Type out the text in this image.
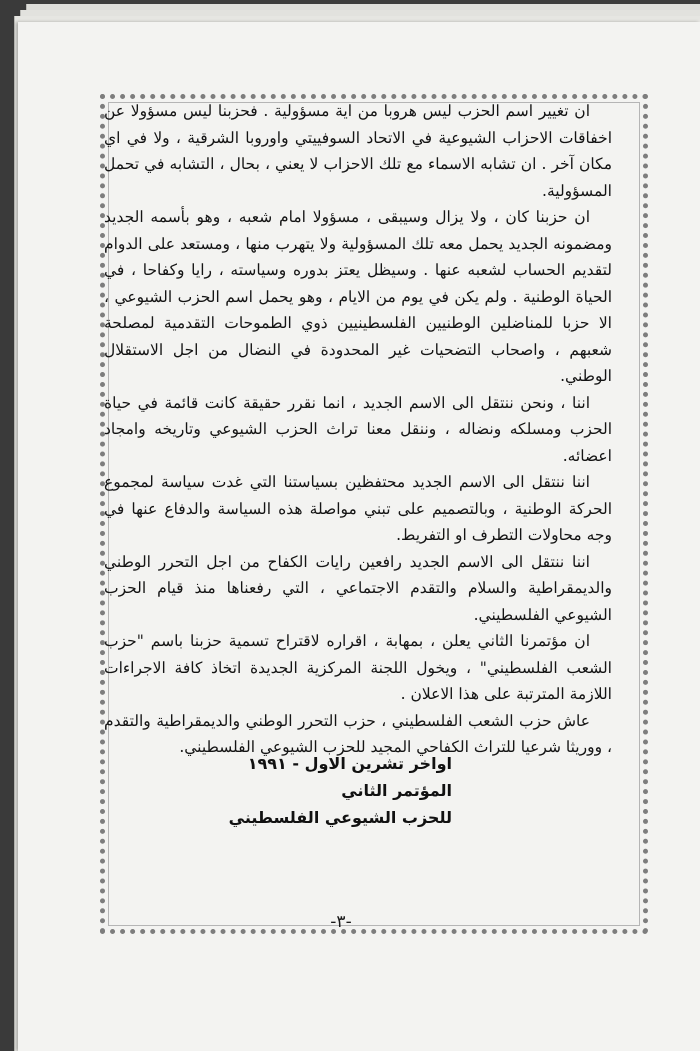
ان تغيير اسم الحزب ليس هروبا من اية مسؤولية . فحزبنا ليس مسؤولا عن اخفاقات الاحزاب الشيوعية في الاتحاد السوفييتي واوروبا الشرقية ، ولا في اي مكان آخر . ان تشابه الاسماء مع تلك الاحزاب لا يعني ، بحال ، التشابه في تحمل المسؤولية.

ان حزبنا كان ، ولا يزال وسيبقى ، مسؤولا امام شعبه ، وهو بأسمه الجديد ومضمونه الجديد يحمل معه تلك المسؤولية ولا يتهرب منها ، ومستعد على الدوام لتقديم الحساب لشعبه عنها . وسيظل يعتز بدوره وسياسته ، رايا وكفاحا ، في الحياة الوطنية . ولم يكن في يوم من الايام ، وهو يحمل اسم الحزب الشيوعي ، الا حزبا للمناضلين الوطنيين الفلسطينيين ذوي الطموحات التقدمية لمصلحة شعبهم ، واصحاب التضحيات غير المحدودة في النضال من اجل الاستقلال الوطني.

اننا ، ونحن ننتقل الى الاسم الجديد ، انما نقرر حقيقة كانت قائمة في حياة الحزب ومسلكه ونضاله ، وننقل معنا تراث الحزب الشيوعي وتاريخه وامجاد اعضائه.

اننا ننتقل الى الاسم الجديد محتفظين بسياستنا التي غدت سياسة لمجموع الحركة الوطنية ، وبالتصميم على تبني مواصلة هذه السياسة والدفاع عنها في وجه محاولات التطرف او التفريط.

اننا ننتقل الى الاسم الجديد رافعين رايات الكفاح من اجل التحرر الوطني والديمقراطية والسلام والتقدم الاجتماعي ، التي رفعناها منذ قيام الحزب الشيوعي الفلسطيني.

ان مؤتمرنا الثاني يعلن ، بمهابة ، اقراره لاقتراح تسمية حزبنا باسم "حزب الشعب الفلسطيني" ، ويخول اللجنة المركزية الجديدة اتخاذ كافة الاجراءات اللازمة المترتبة على هذا الاعلان .

عاش حزب الشعب الفلسطيني ، حزب التحرر الوطني والديمقراطية والتقدم ، ووريثا شرعيا للتراث الكفاحي المجيد للحزب الشيوعي الفلسطيني.

اواخر تشرين الاول - ١٩٩١
المؤتمر الثاني
للحزب الشيوعي الفلسطيني
-٣-
